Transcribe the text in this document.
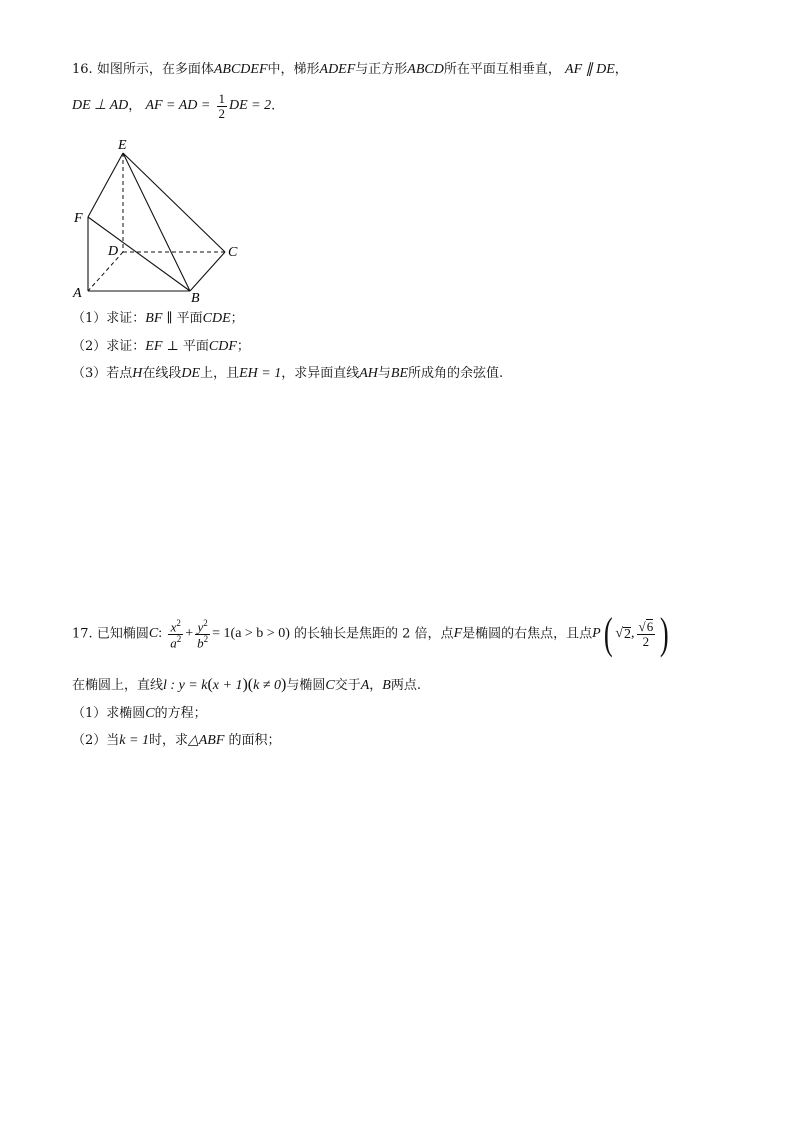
16. 如图所示，在多面体ABCDEF中，梯形ADEF与正方形ABCD所在平面互相垂直， AF ∥ DE，
DE ⊥ AD， AF = AD = $\frac{1}{2}$ DE = 2.
E
F
D	C
A	B
（1）求证：BF ∥ 平面CDE；
（2）求证：EF ⊥ 平面CDF；
（3）若点H在线段DE上，且EH = 1，求异面直线AH与BE所成角的余弦值.
17. 已知椭圆C: $\frac{x^2}{a^2} + \frac{y^2}{b^2} = 1(a > b > 0)$ 的长轴长是焦距的 2 倍，点F是椭圆的右焦点，且点P( √2, $\frac{√6}{2}$ )
在椭圆上，直线l : y = k(x + 1)(k ≠ 0)与椭圆C交于A，B两点.
（1）求椭圆C的方程；
（2）当k = 1时，求△ABF 的面积；
